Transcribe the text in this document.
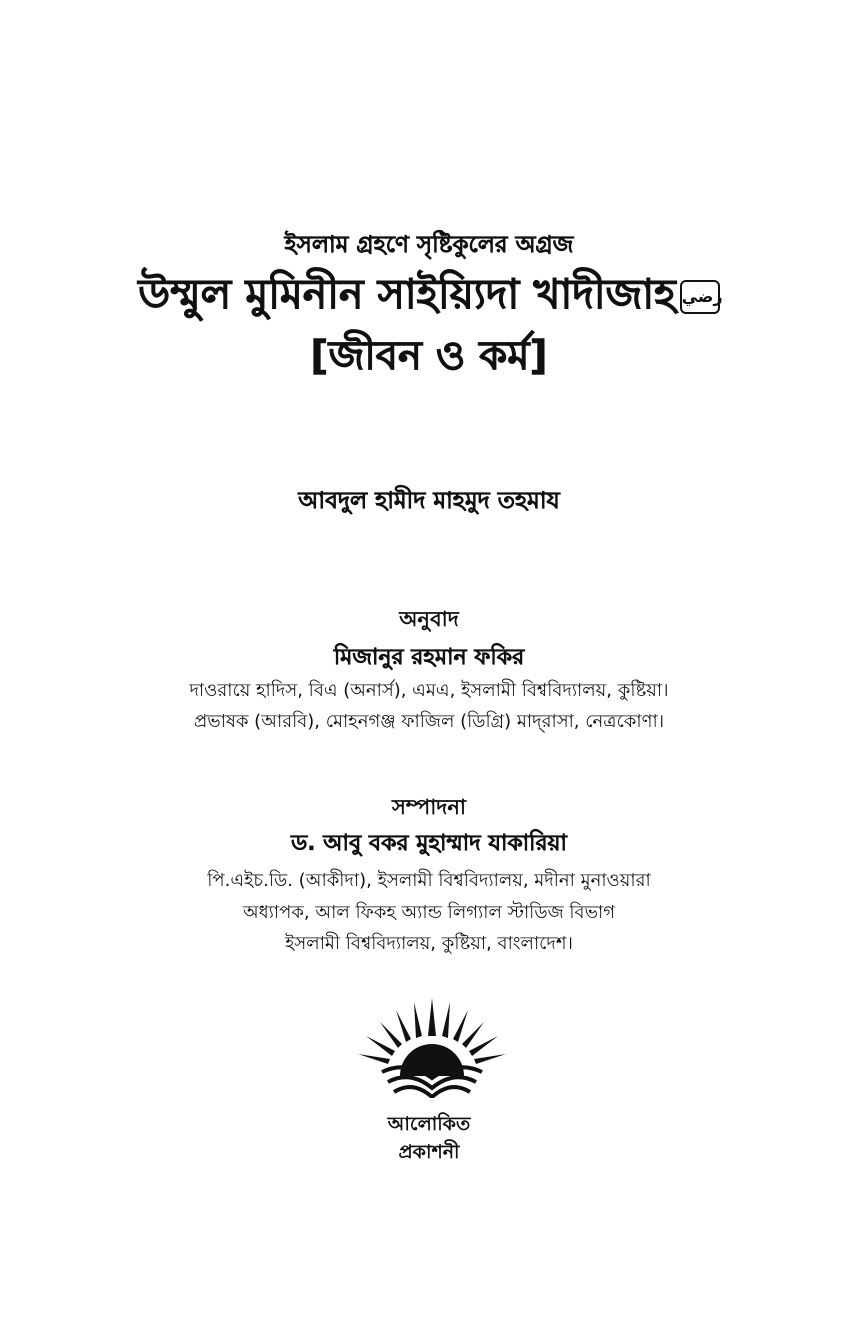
ইসলাম গ্রহণে সৃষ্টিকুলের অগ্রজ
উম্মুল মুমিনীন সাইয়্যিদা খাদীজাহ رضي
[জীবন ও কর্ম]
আবদুল হামীদ মাহমুদ তহমায
অনুবাদ
মিজানুর রহমান ফকির
দাওরায়ে হাদিস, বিএ (অনার্স), এমএ, ইসলামী বিশ্ববিদ্যালয়, কুষ্টিয়া।
প্রভাষক (আরবি), মোহনগঞ্জ ফাজিল (ডিগ্রি) মাদ্‌রাসা, নেত্রকোণা।
সম্পাদনা
ড. আবু বকর মুহাম্মাদ যাকারিয়া
পি.এইচ.ডি. (আকীদা), ইসলামী বিশ্ববিদ্যালয়, মদীনা মুনাওয়ারা
অধ্যাপক, আল ফিকহ অ্যান্ড লিগ্যাল স্টাডিজ বিভাগ
ইসলামী বিশ্ববিদ্যালয়, কুষ্টিয়া, বাংলাদেশ।
আলোকিত
প্রকাশনী
